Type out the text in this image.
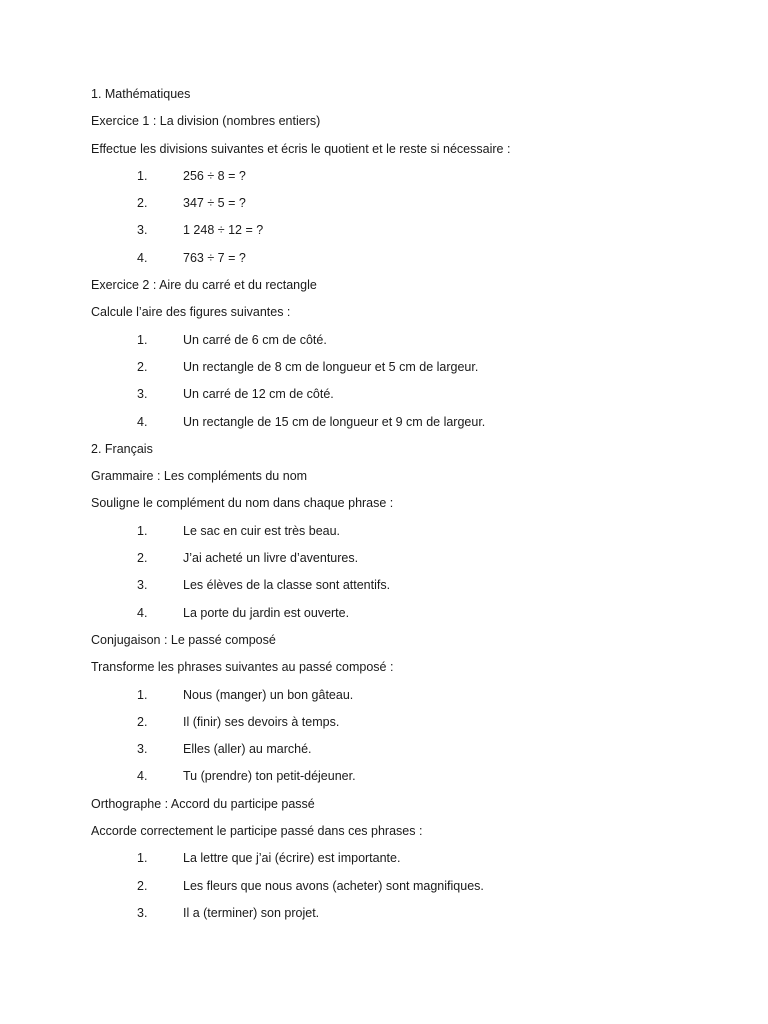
1. Mathématiques
Exercice 1 : La division (nombres entiers)
Effectue les divisions suivantes et écris le quotient et le reste si nécessaire :
1.	256 ÷ 8 = ?
2.	347 ÷ 5 = ?
3.	1 248 ÷ 12 = ?
4.	763 ÷ 7 = ?
Exercice 2 : Aire du carré et du rectangle
Calcule l’aire des figures suivantes :
1.	Un carré de 6 cm de côté.
2.	Un rectangle de 8 cm de longueur et 5 cm de largeur.
3.	Un carré de 12 cm de côté.
4.	Un rectangle de 15 cm de longueur et 9 cm de largeur.
2. Français
Grammaire : Les compléments du nom
Souligne le complément du nom dans chaque phrase :
1.	Le sac en cuir est très beau.
2.	J’ai acheté un livre d’aventures.
3.	Les élèves de la classe sont attentifs.
4.	La porte du jardin est ouverte.
Conjugaison : Le passé composé
Transforme les phrases suivantes au passé composé :
1.	Nous (manger) un bon gâteau.
2.	Il (finir) ses devoirs à temps.
3.	Elles (aller) au marché.
4.	Tu (prendre) ton petit-déjeuner.
Orthographe : Accord du participe passé
Accorde correctement le participe passé dans ces phrases :
1.	La lettre que j’ai (écrire) est importante.
2.	Les fleurs que nous avons (acheter) sont magnifiques.
3.	Il a (terminer) son projet.
